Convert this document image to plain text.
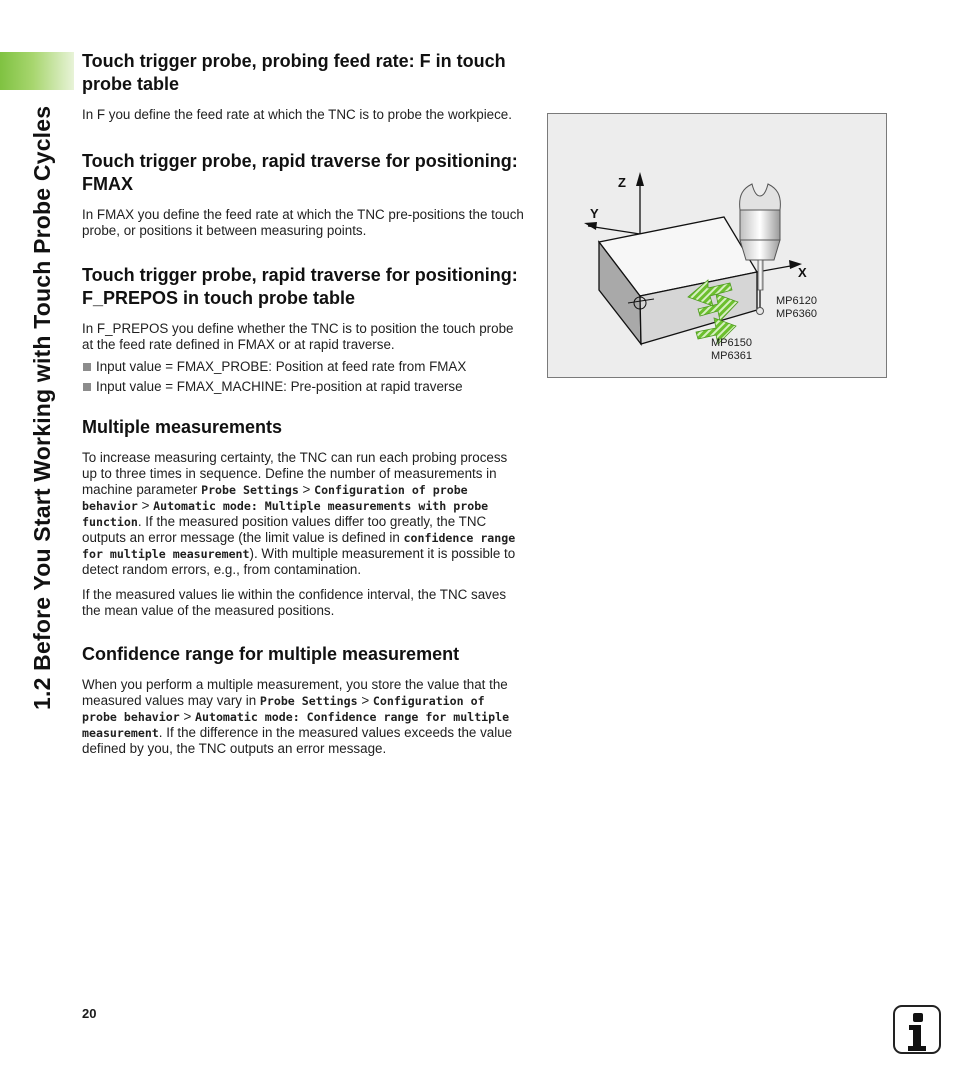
1.2 Before You Start Working with Touch Probe Cycles
Touch trigger probe, probing feed rate: F in touch probe table

In F you define the feed rate at which the TNC is to probe the workpiece.

Touch trigger probe, rapid traverse for positioning: FMAX

In FMAX you define the feed rate at which the TNC pre-positions the touch probe, or positions it between measuring points.

Touch trigger probe, rapid traverse for positioning: F_PREPOS in touch probe table

In F_PREPOS you define whether the TNC is to position the touch probe at the feed rate defined in FMAX or at rapid traverse.

Input value = FMAX_PROBE: Position at feed rate from FMAX
Input value = FMAX_MACHINE: Pre-position at rapid traverse
Multiple measurements

To increase measuring certainty, the TNC can run each probing process up to three times in sequence. Define the number of measurements in machine parameter Probe Settings > Configuration of probe behavior > Automatic mode: Multiple measurements with probe function. If the measured position values differ too greatly, the TNC outputs an error message (the limit value is defined in confidence range for multiple measurement). With multiple measurement it is possible to detect random errors, e.g., from contamination.

If the measured values lie within the confidence interval, the TNC saves the mean value of the measured positions.

Confidence range for multiple measurement

When you perform a multiple measurement, you store the value that the measured values may vary in Probe Settings > Configuration of probe behavior > Automatic mode: Confidence range for multiple measurement. If the difference in the measured values exceeds the value defined by you, the TNC outputs an error message.

Z
Y
X
MP6120
MP6360
MP6150
MP6361
20
